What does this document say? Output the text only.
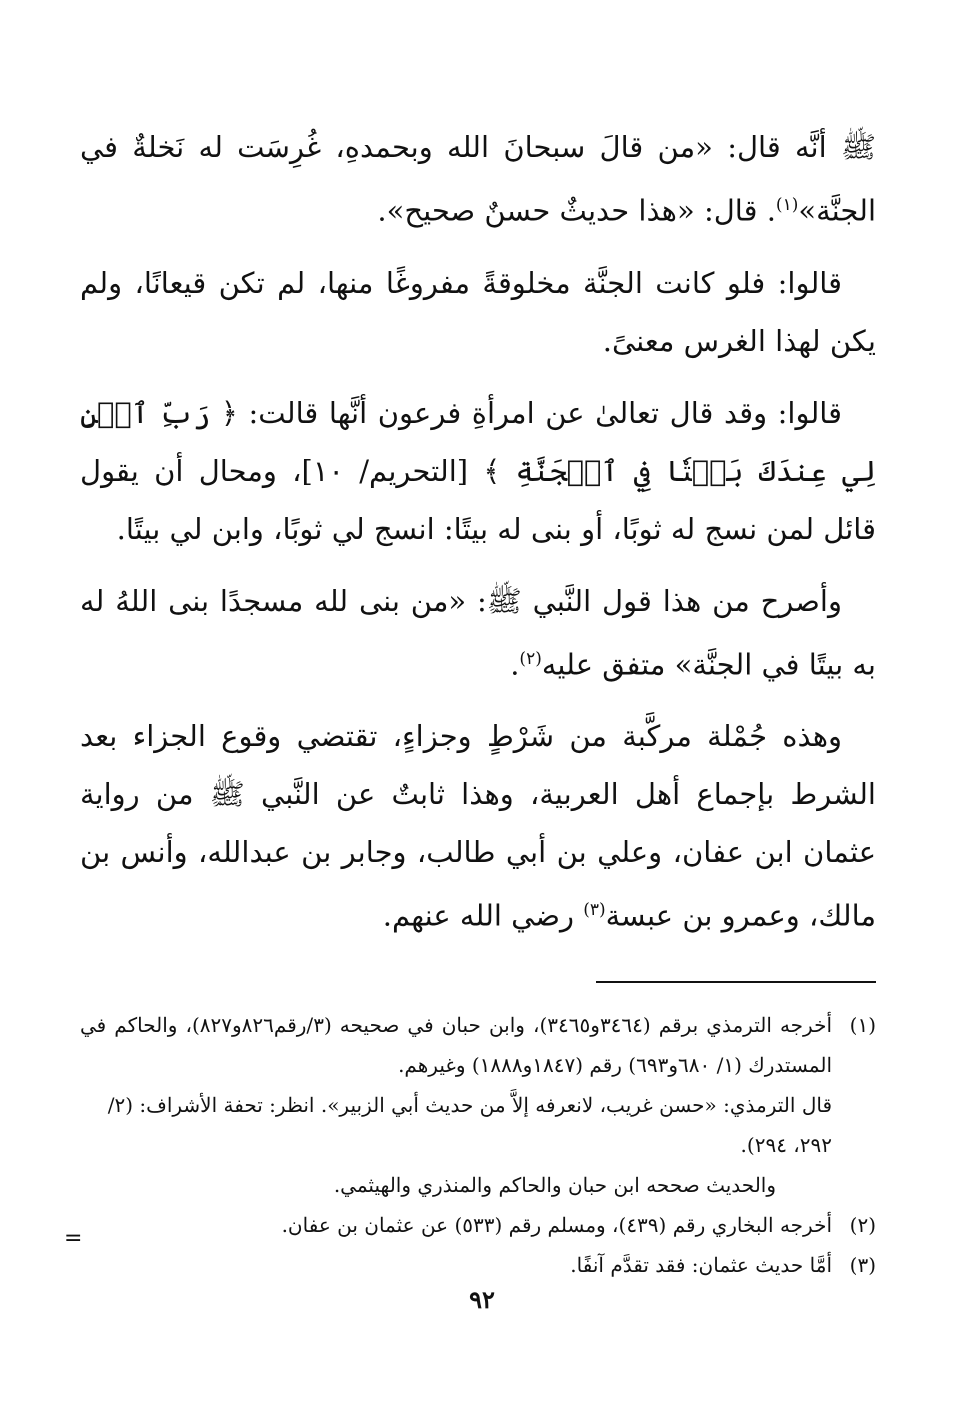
ﷺ أنَّه قال: «من قالَ سبحانَ الله وبحمدهِ، غُرِسَت له نَخلةٌ في الجنَّة»$^{(١)}$. قال: «هذا حديثٌ حسنٌ صحيح».

قالوا: فلو كانت الجنَّة مخلوقةً مفروغًا منها، لم تكن قيعانًا، ولم يكن لهذا الغرس معنىً.

قالوا: وقد قال تعالىٰ عن امرأةِ فرعون أنَّها قالت: ﴿ رَبِّ ٱبۡنِ لِي عِندَكَ بَيۡتٗا فِي ٱلۡجَنَّةِ ﴾ [التحريم/ ١٠]، ومحال أن يقول قائل لمن نسج له ثوبًا، أو بنى له بيتًا: انسج لي ثوبًا، وابن لي بيتًا.

وأصرح من هذا قول النَّبي ﷺ: «من بنى لله مسجدًا بنى اللهُ له به بيتًا في الجنَّة» متفق عليه$^{(٢)}$.

وهذه جُمْلة مركَّبة من شَرْطٍ وجزاءٍ، تقتضي وقوع الجزاء بعد الشرط بإجماع أهل العربية، وهذا ثابتٌ عن النَّبي ﷺ من رواية عثمان ابن عفان، وعلي بن أبي طالب، وجابر بن عبدالله، وأنس بن مالك، وعمرو بن عبسة$^{(٣)}$ رضي الله عنهم.

(١)
أخرجه الترمذي برقم (٣٤٦٤و٣٤٦٥)، وابن حبان في صحيحه (٣/رقم٨٢٦و٨٢٧)، والحاكم في المستدرك (١/ ٦٨٠و٦٩٣) رقم (١٨٤٧و١٨٨٨) وغيرهم.
قال الترمذي: «حسن غريب، لانعرفه إلاَّ من حديث أبي الزبير». انظر: تحفة الأشراف: (٢/ ٢٩٢، ٢٩٤).
والحديث صححه ابن حبان والحاكم والمنذري والهيثمي.
(٢)
أخرجه البخاري رقم (٤٣٩)، ومسلم رقم (٥٣٣) عن عثمان بن عفان.
(٣)
أمَّا حديث عثمان: فقد تقدَّم آنفًا.
=
٩٢
